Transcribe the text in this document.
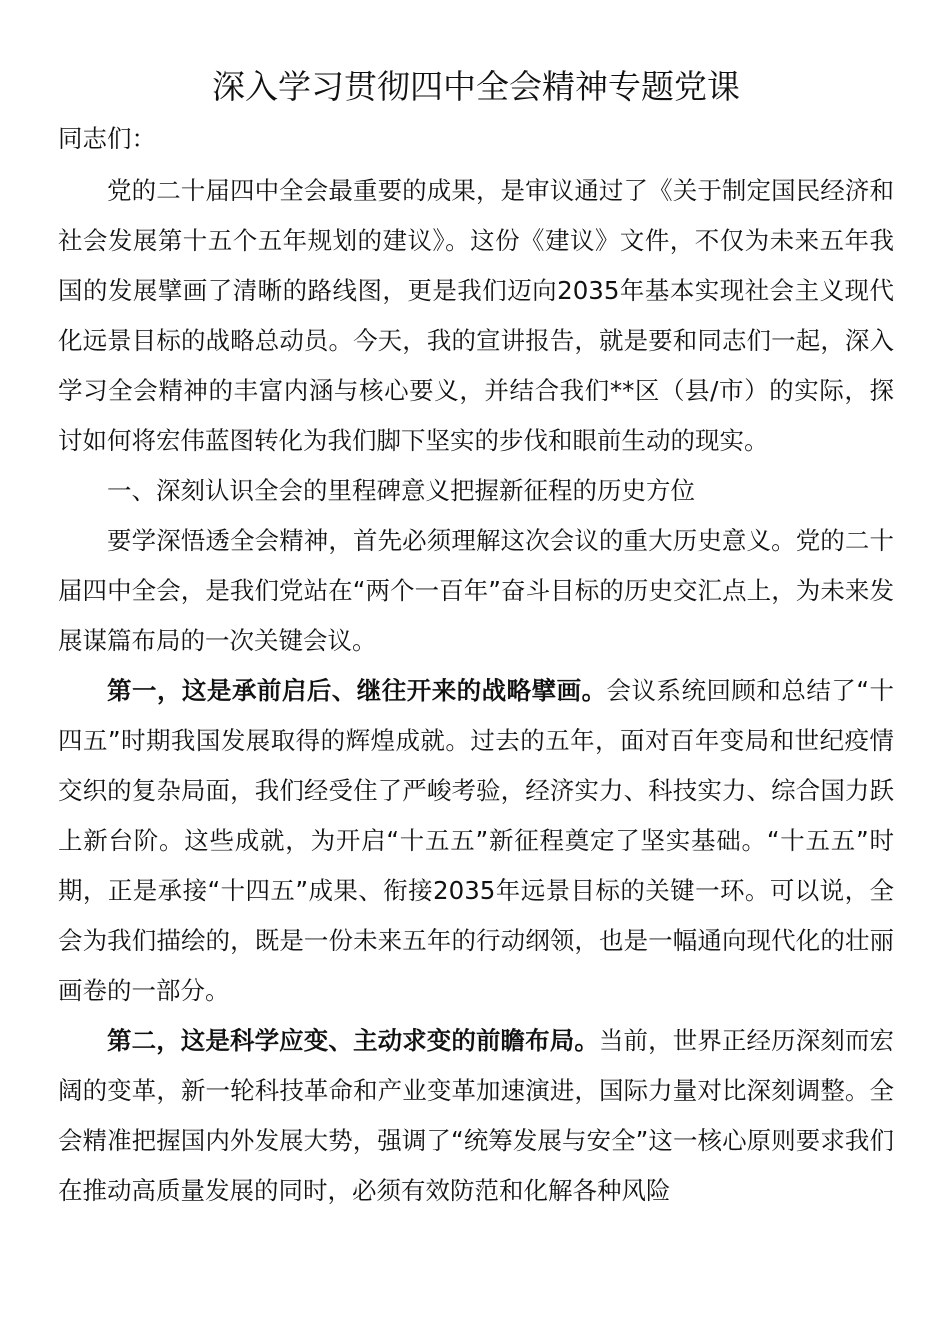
深入学习贯彻四中全会精神专题党课

同志们：

党的二十届四中全会最重要的成果，是审议通过了《关于制定国民经济和社会发展第十五个五年规划的建议》。这份《建议》文件，不仅为未来五年我国的发展擘画了清晰的路线图，更是我们迈向2035年基本实现社会主义现代化远景目标的战略总动员。今天，我的宣讲报告，就是要和同志们一起，深入学习全会精神的丰富内涵与核心要义，并结合我们**区（县/市）的实际，探讨如何将宏伟蓝图转化为我们脚下坚实的步伐和眼前生动的现实。

一、深刻认识全会的里程碑意义把握新征程的历史方位

要学深悟透全会精神，首先必须理解这次会议的重大历史意义。党的二十届四中全会，是我们党站在“两个一百年”奋斗目标的历史交汇点上，为未来发展谋篇布局的一次关键会议。

第一，这是承前启后、继往开来的战略擘画。会议系统回顾和总结了“十四五”时期我国发展取得的辉煌成就。过去的五年，面对百年变局和世纪疫情交织的复杂局面，我们经受住了严峻考验，经济实力、科技实力、综合国力跃上新台阶。这些成就，为开启“十五五”新征程奠定了坚实基础。“十五五”时期，正是承接“十四五”成果、衔接2035年远景目标的关键一环。可以说，全会为我们描绘的，既是一份未来五年的行动纲领，也是一幅通向现代化的壮丽画卷的一部分。

第二，这是科学应变、主动求变的前瞻布局。当前，世界正经历深刻而宏阔的变革，新一轮科技革命和产业变革加速演进，国际力量对比深刻调整。全会精准把握国内外发展大势，强调了“统筹发展与安全”这一核心原则要求我们在推动高质量发展的同时，必须有效防范和化解各种风险
